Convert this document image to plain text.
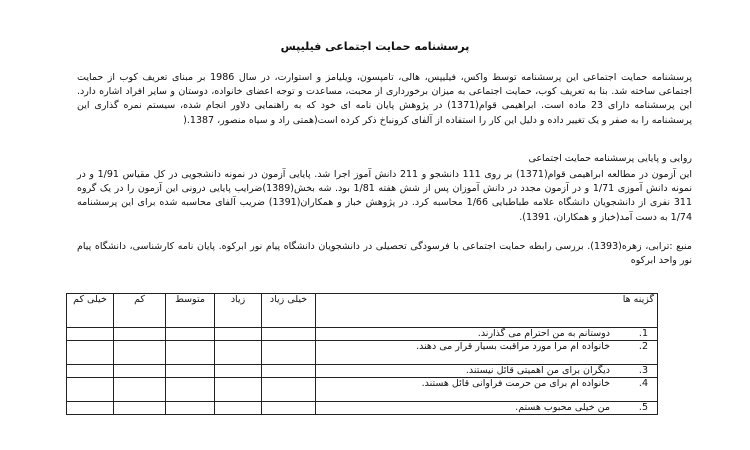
پرسشنامه حمایت اجتماعی فیلیپس
پرسشنامه حمایت اجتماعی این پرسشنامه توسط واکس، فیلیپس، هالی، تامپسون، ویلیامز و استوارت، در سال 1986 بر مبنای تعریف کوب از حمایت اجتماعی ساخته شد. بنا به تعریف کوب، حمایت اجتماعی به میزان برخورداری از محبت، مساعدت و توجه اعضای خانواده، دوستان و سایر افراد اشاره دارد. این پرسشنامه دارای 23 ماده است. ابراهیمی قوام(1371) در پژوهش پایان نامه ای خود که به راهنمایی دلاور انجام شده، سیستم نمره گذاری این پرسشنامه را به صفر و یک تغییر داده و دلیل این کار را استفاده از آلفای کرونباخ ذکر کرده است(همتی راد و سیاه منصور، 1387.(
روایی و پایایی پرسشنامه حمایت اجتماعی
این آزمون در مطالعه ابراهیمی قوام(1371) بر روی 111 دانشجو و 211 دانش آموز اجرا شد. پایایی آزمون در نمونه دانشجویی در کل مقیاس 1/91 و در نمونه دانش آموزی 1/71 و در آزمون مجدد در دانش آموزان پس از شش هفته 1/81 بود. شه بخش(1389)ضرایب پایایی درونی این آزمون را در یک گروه 311 نفری از دانشجویان دانشگاه علامه طباطبایی 1/66 محاسبه کرد. در پژوهش خباز و همکاران(1391) ضریب آلفای محاسبه شده برای این پرسشنامه 1/74 به دست آمد(خباز و همکاران، 1391).
منبع :ترابی، زهره(1393). بررسی رابطه حمایت اجتماعی با فرسودگی تحصیلی در دانشجویان دانشگاه پیام نور ابرکوه. پایان نامه کارشناسی، دانشگاه پیام نور واحد ابرکوه
خیلی کم	کم	متوسط	زیاد	خیلی زیاد	گزینه ها
					1.دوستانم به من احترام می گذارند.
					2.خانواده ام مرا مورد مراقبت بسیار قرار می دهند.
					3.دیگران برای من اهمیتی قائل نیستند.
					4.خانواده ام برای من حرمت فراوانی قائل هستند.
					5.من خیلی محبوب هستم.
